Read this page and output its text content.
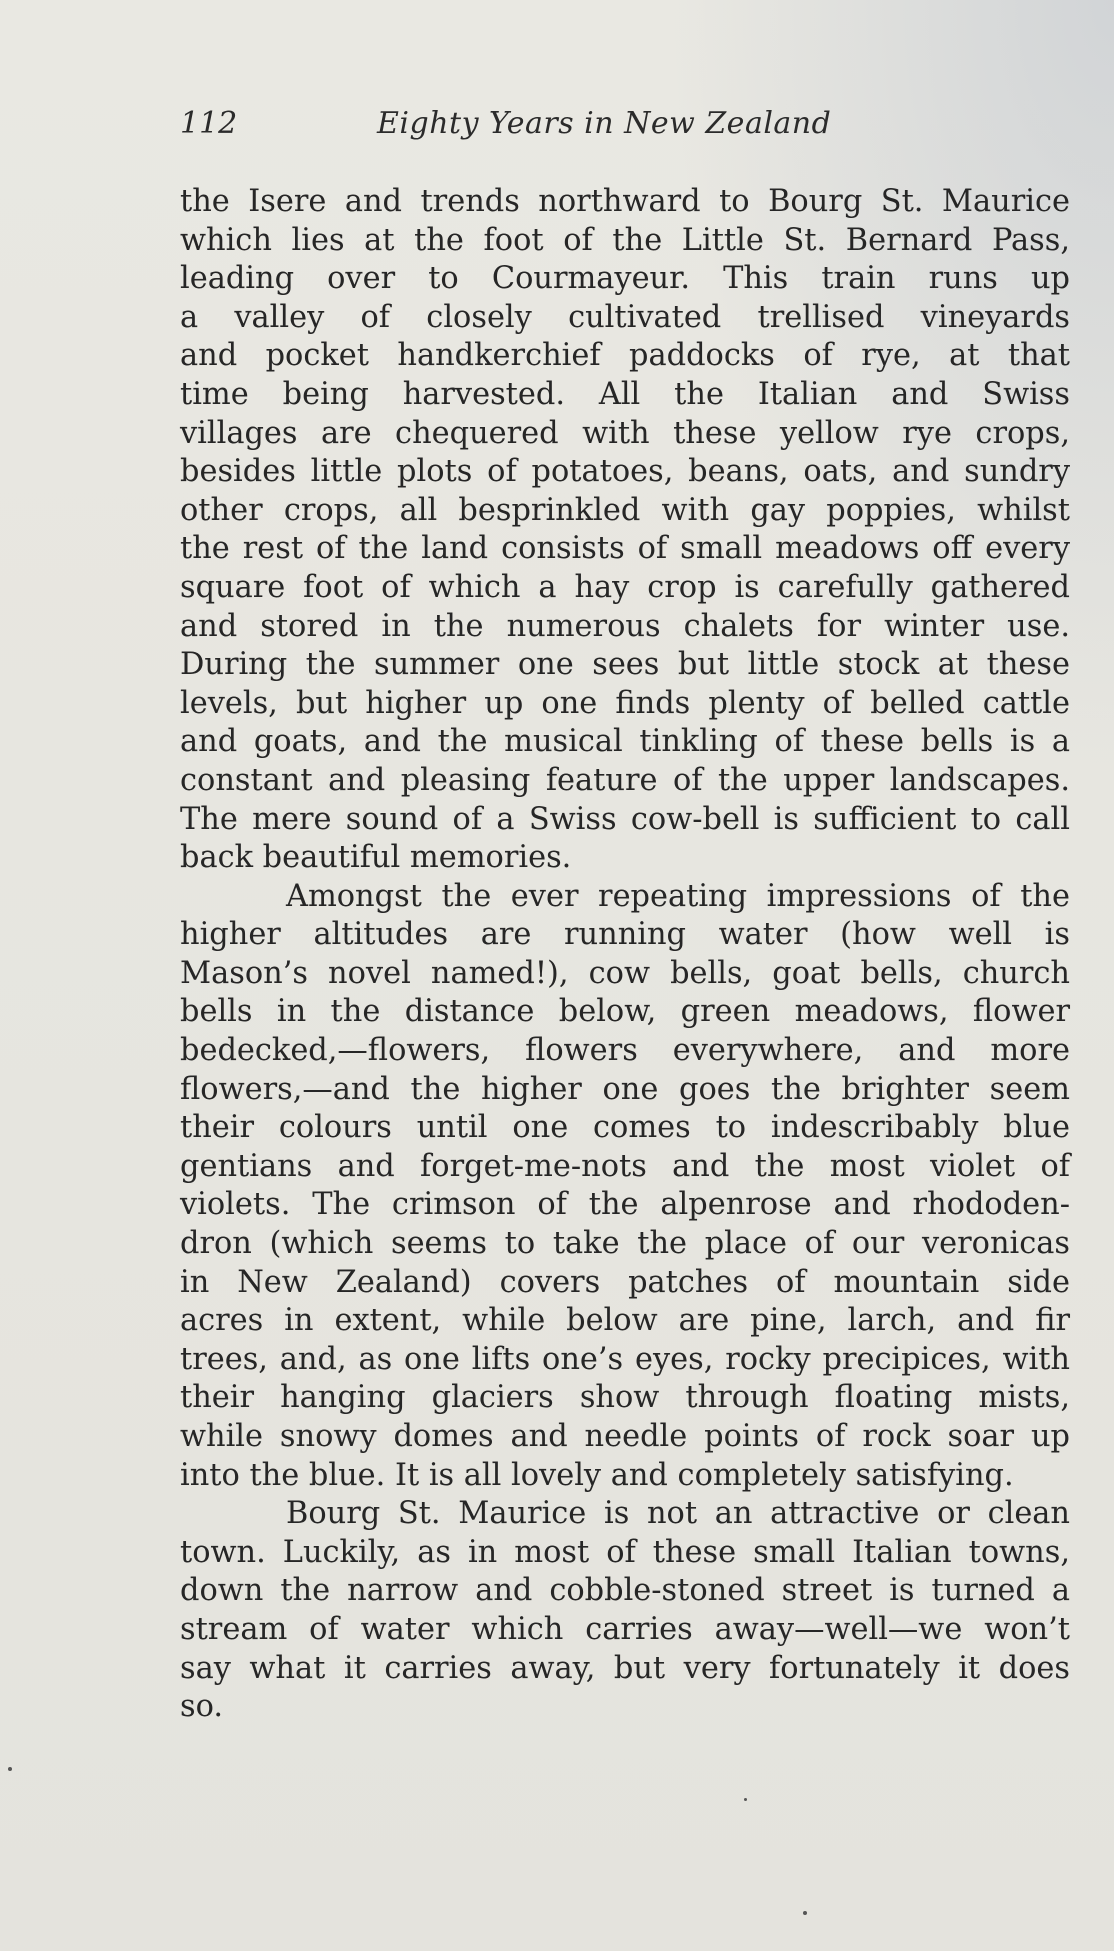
112	Eighty Years in New Zealand
the Isere and trends northward to Bourg St. Maurice
which lies at the foot of the Little St. Bernard Pass,
leading over to Courmayeur. This train runs up
a valley of closely cultivated trellised vineyards
and pocket handkerchief paddocks of rye, at that
time being harvested. All the Italian and Swiss
villages are chequered with these yellow rye crops,
besides little plots of potatoes, beans, oats, and sundry
other crops, all besprinkled with gay poppies, whilst
the rest of the land consists of small meadows off every
square foot of which a hay crop is carefully gathered
and stored in the numerous chalets for winter use.
During the summer one sees but little stock at these
levels, but higher up one finds plenty of belled cattle
and goats, and the musical tinkling of these bells is a
constant and pleasing feature of the upper landscapes.
The mere sound of a Swiss cow-bell is sufficient to call
back beautiful memories.
Amongst the ever repeating impressions of the
higher altitudes are running water (how well is
Mason’s novel named!), cow bells, goat bells, church
bells in the distance below, green meadows, flower
bedecked,—flowers, flowers everywhere, and more
flowers,—and the higher one goes the brighter seem
their colours until one comes to indescribably blue
gentians and forget-me-nots and the most violet of
violets. The crimson of the alpenrose and rhododen-
dron (which seems to take the place of our veronicas
in New Zealand) covers patches of mountain side
acres in extent, while below are pine, larch, and fir
trees, and, as one lifts one’s eyes, rocky precipices, with
their hanging glaciers show through floating mists,
while snowy domes and needle points of rock soar up
into the blue. It is all lovely and completely satisfying.
Bourg St. Maurice is not an attractive or clean
town. Luckily, as in most of these small Italian towns,
down the narrow and cobble-stoned street is turned a
stream of water which carries away—well—we won’t
say what it carries away, but very fortunately it does
so.
